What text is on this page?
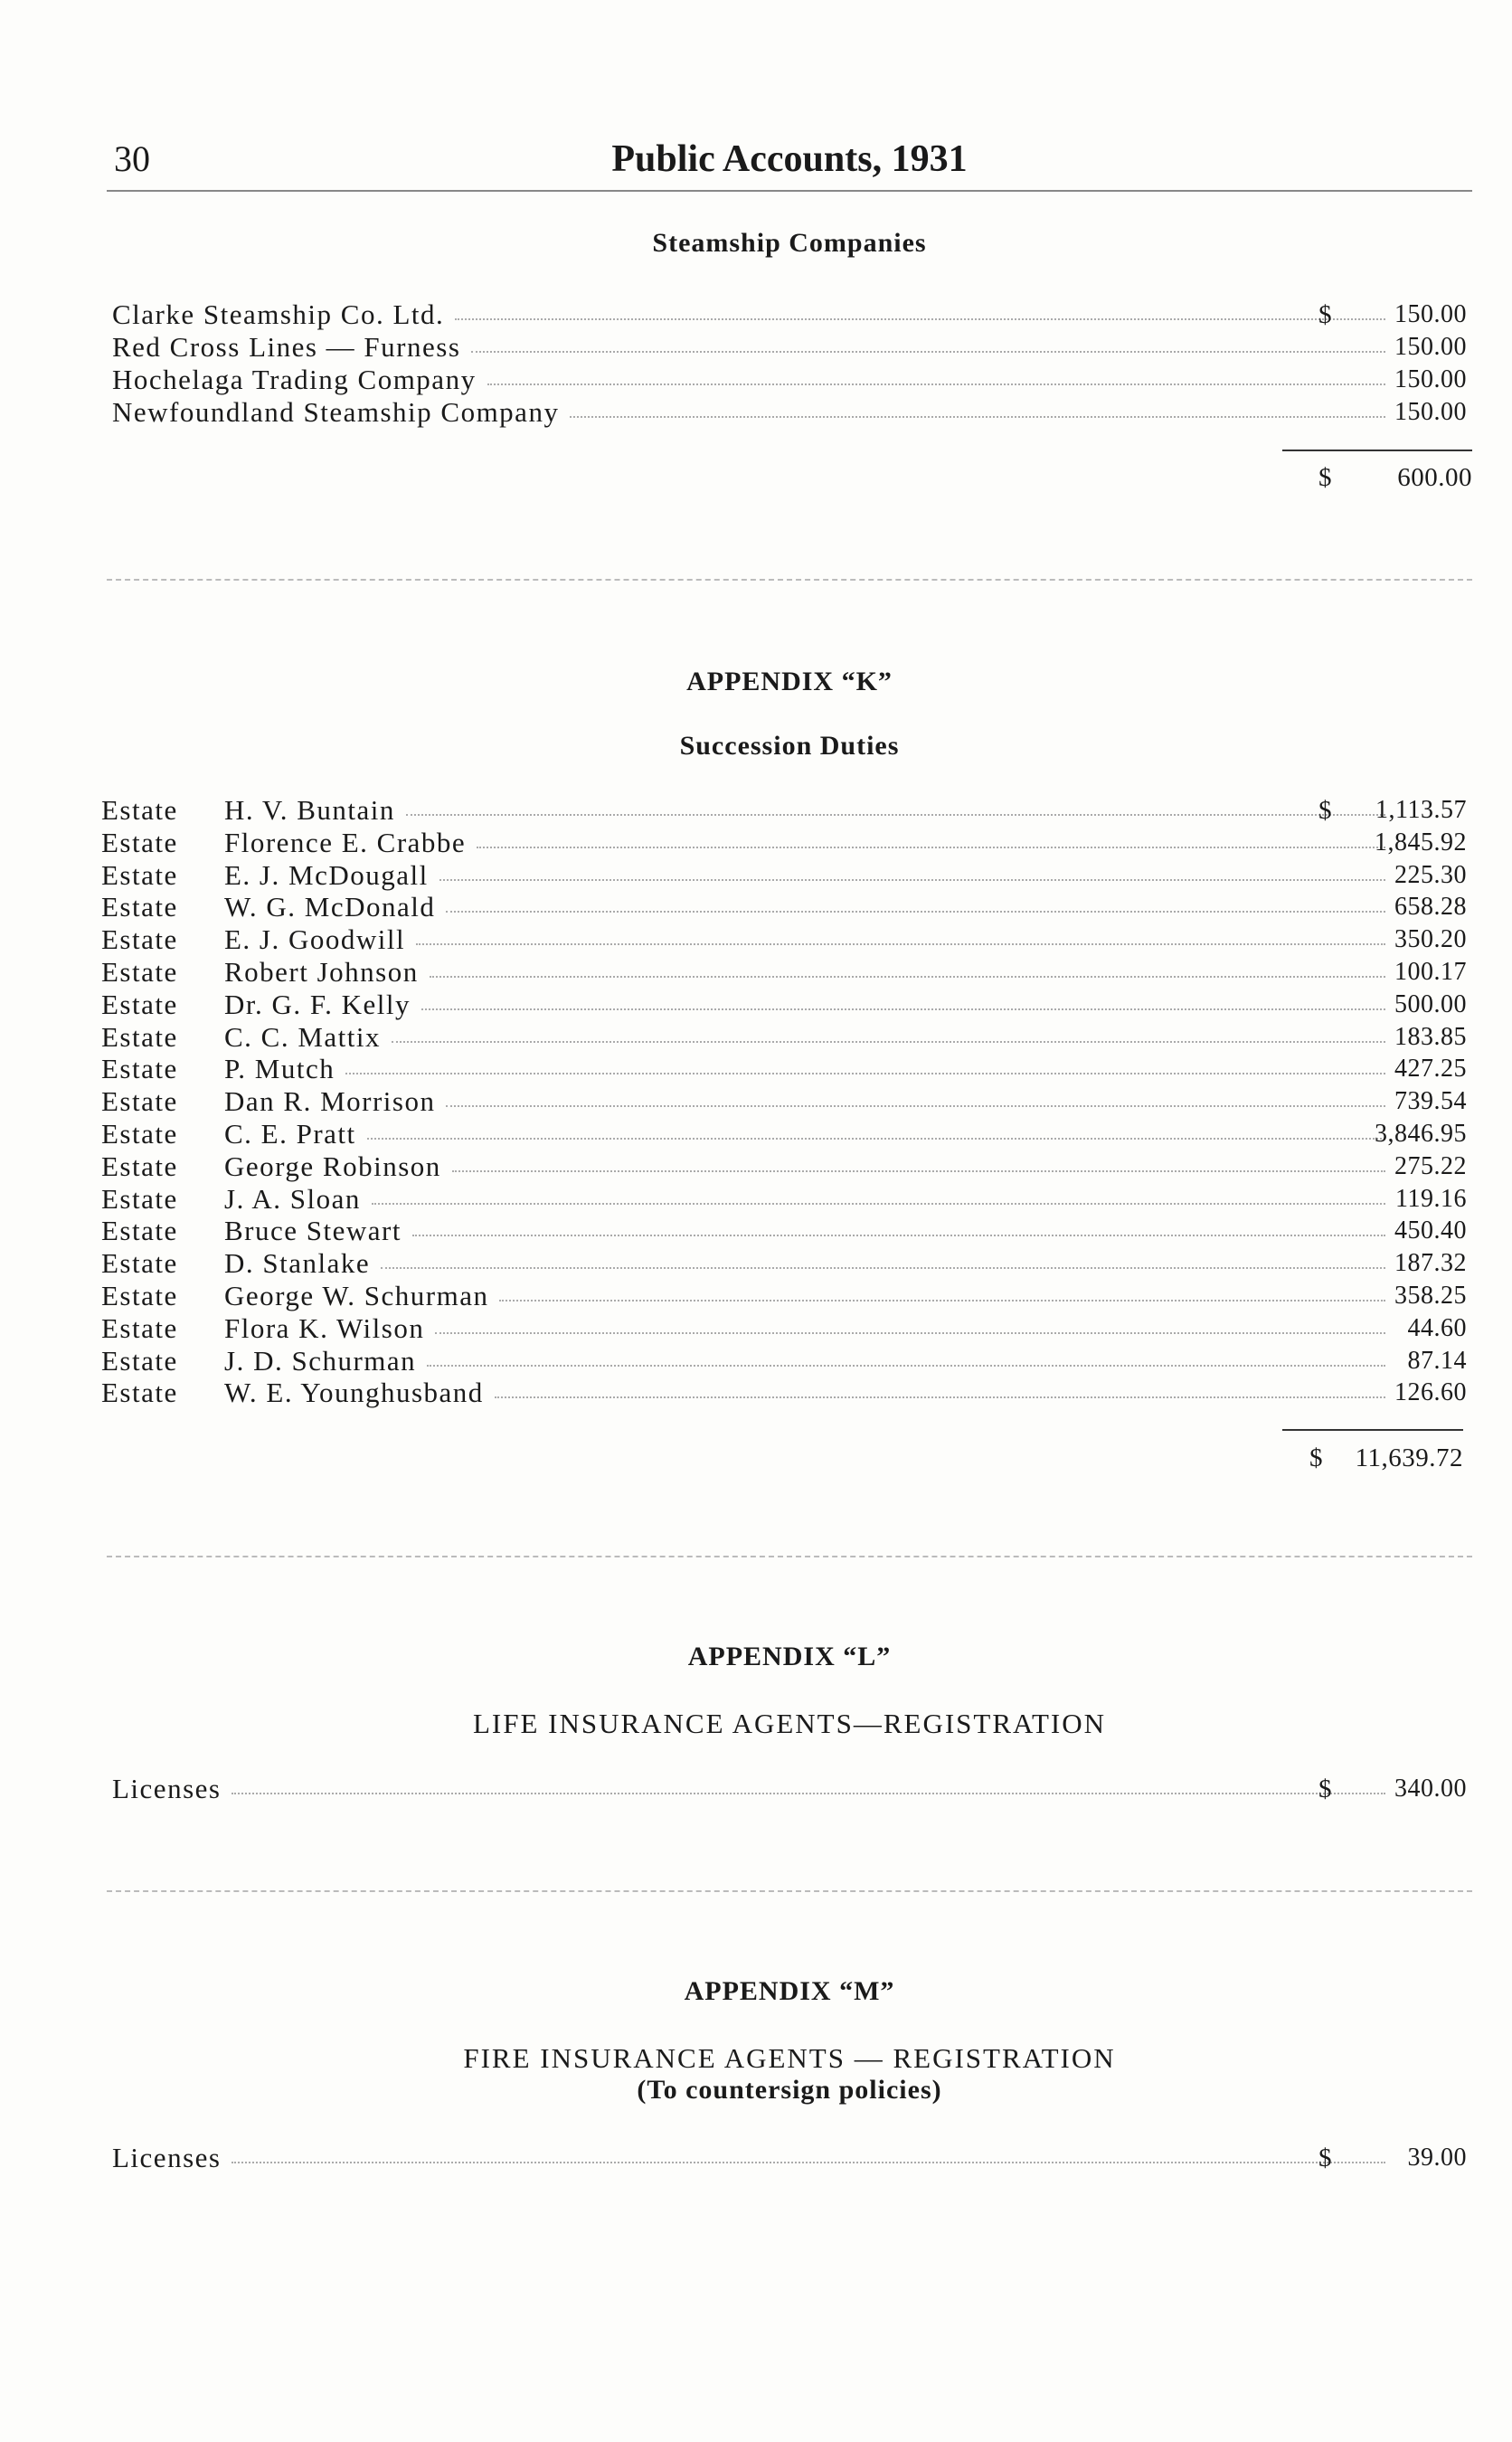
30	Public Accounts, 1931
Steamship Companies
Clarke Steamship Co. Ltd.	$ 150.00
Red Cross Lines — Furness	150.00
Hochelaga Trading Company	150.00
Newfoundland Steamship Company	150.00
$ 600.00
APPENDIX “K”
Succession Duties
Estate H. V. Buntain	$ 1,113.57
Estate Florence E. Crabbe	1,845.92
Estate E. J. McDougall	225.30
Estate W. G. McDonald	658.28
Estate E. J. Goodwill	350.20
Estate Robert Johnson	100.17
Estate Dr. G. F. Kelly	500.00
Estate C. C. Mattix	183.85
Estate P. Mutch	427.25
Estate Dan R. Morrison	739.54
Estate C. E. Pratt	3,846.95
Estate George Robinson	275.22
Estate J. A. Sloan	119.16
Estate Bruce Stewart	450.40
Estate D. Stanlake	187.32
Estate George W. Schurman	358.25
Estate Flora K. Wilson	44.60
Estate J. D. Schurman	87.14
Estate W. E. Younghusband	126.60
$ 11,639.72
APPENDIX “L”
LIFE INSURANCE AGENTS—REGISTRATION
Licenses	$ 340.00
APPENDIX “M”
FIRE INSURANCE AGENTS — REGISTRATION
(To countersign policies)
Licenses	$	39.00
